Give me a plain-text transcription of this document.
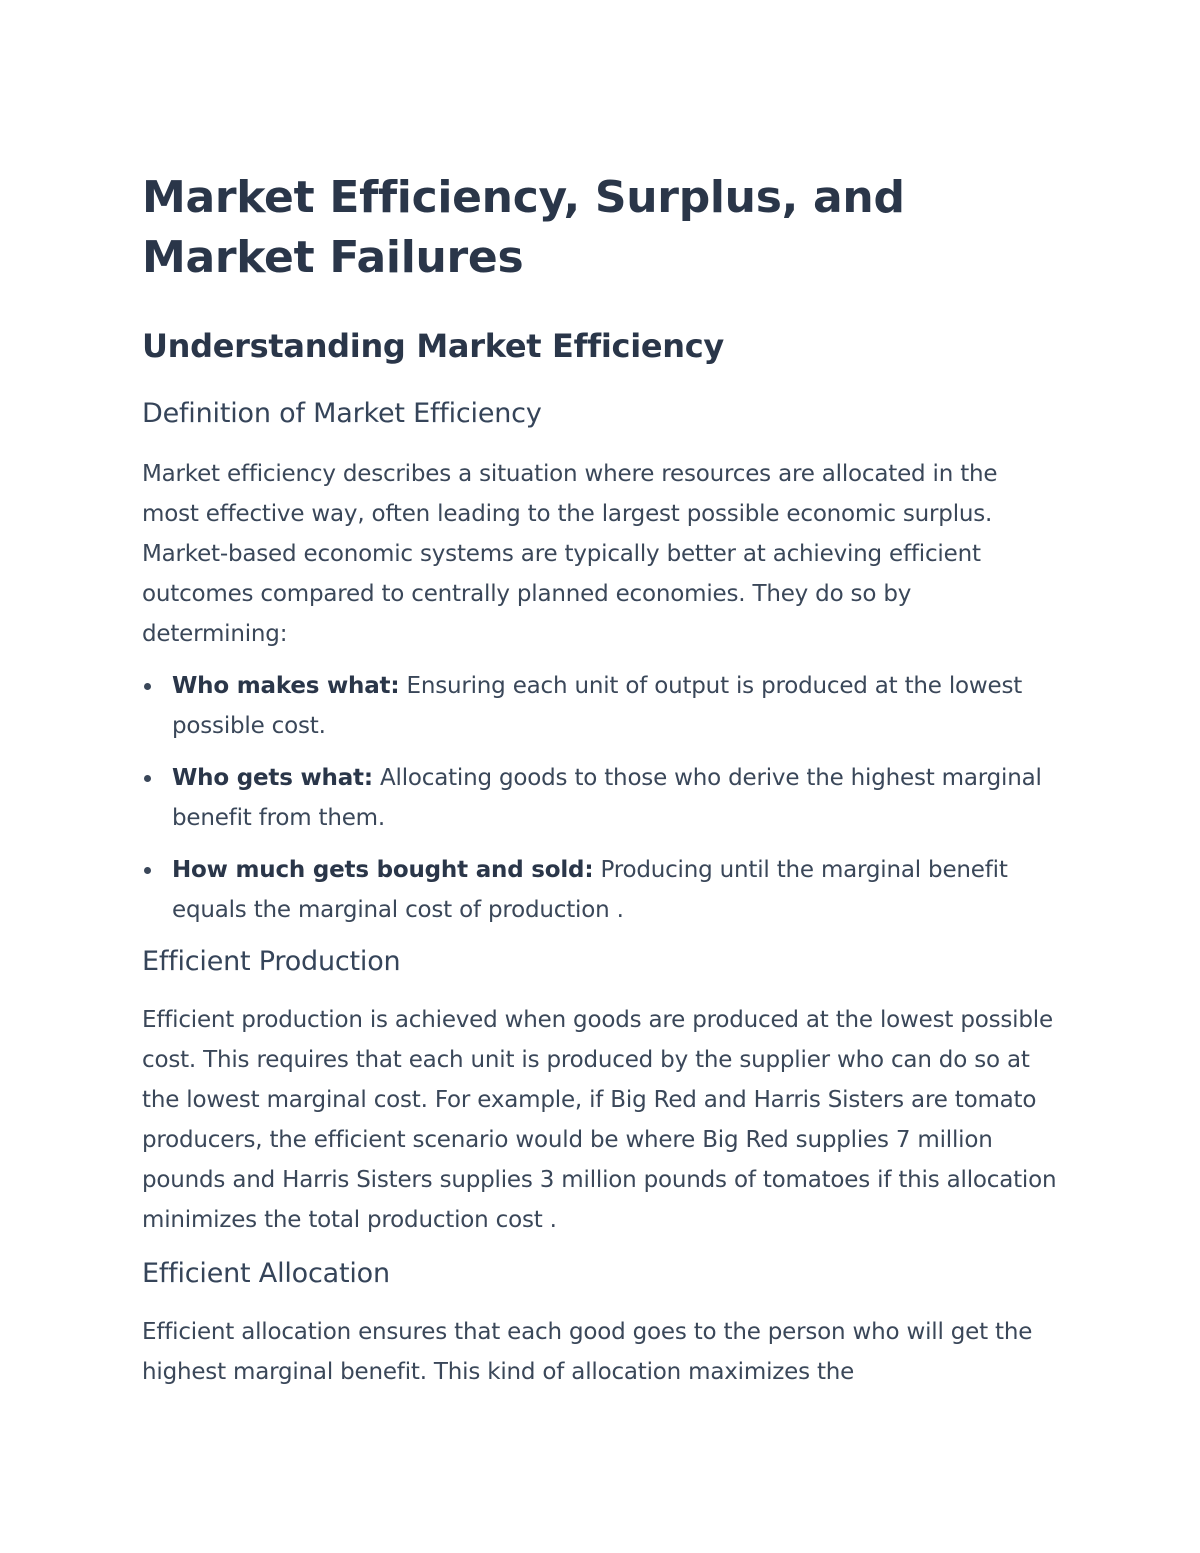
Market Efficiency, Surplus, and Market Failures
Understanding Market Efficiency
Definition of Market Efficiency

Market efficiency describes a situation where resources are allocated in the most effective way, often leading to the largest possible economic surplus. Market-based economic systems are typically better at achieving efficient outcomes compared to centrally planned economies. They do so by determining:

Who makes what: Ensuring each unit of output is produced at the lowest possible cost.
Who gets what: Allocating goods to those who derive the highest marginal benefit from them.
How much gets bought and sold: Producing until the marginal benefit equals the marginal cost of production .
Efficient Production

Efficient production is achieved when goods are produced at the lowest possible cost. This requires that each unit is produced by the supplier who can do so at the lowest marginal cost. For example, if Big Red and Harris Sisters are tomato producers, the efficient scenario would be where Big Red supplies 7 million pounds and Harris Sisters supplies 3 million pounds of tomatoes if this allocation minimizes the total production cost .

Efficient Allocation

Efficient allocation ensures that each good goes to the person who will get the highest marginal benefit. This kind of allocation maximizes the
